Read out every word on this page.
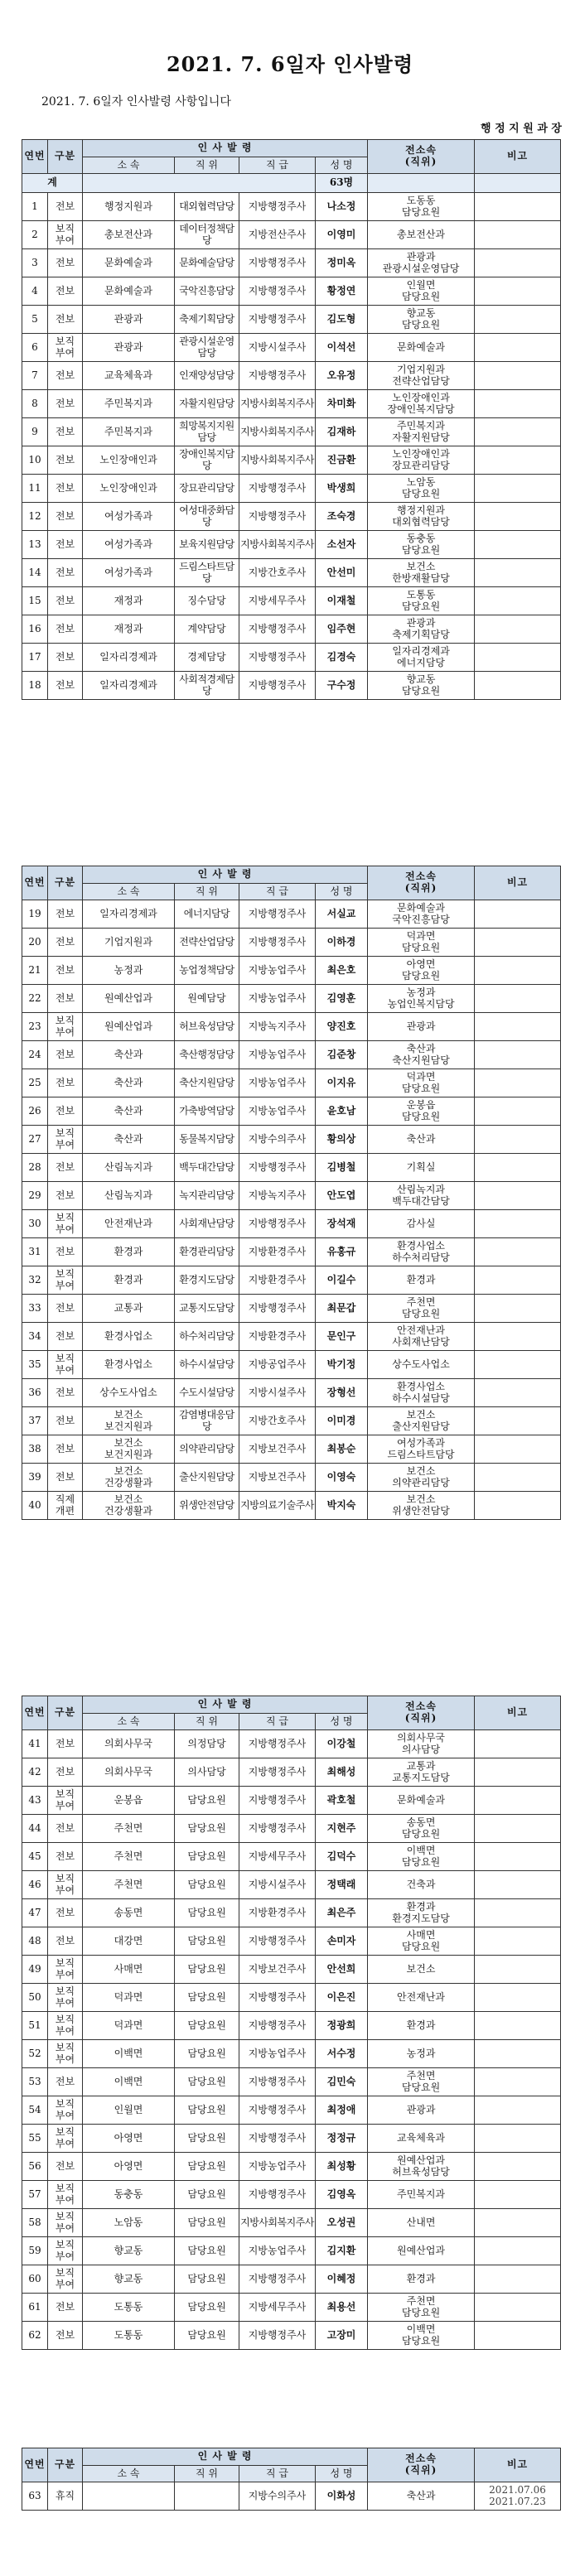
2021. 7. 6일자 인사발령
2021. 7. 6일자 인사발령 사항입니다
행 정 지 원 과 장
연번	구분	인 사 발 령				전소속
(직위)	비고
		소 속	직 위	직 급	성 명		
계					63명		
1	전보	행정지원과	대외협력담당	지방행정주사	나소정	도동동
담당요원	
2	보직
부여	총보전산과	데이터정책담당	지방전산주사	이영미	총보전산과	
3	전보	문화예술과	문화예술담당	지방행정주사	정미옥	관광과
관광시설운영담당	
4	전보	문화예술과	국악진흥담당	지방행정주사	황정연	인월면
담당요원	
5	전보	관광과	축제기획담당	지방행정주사	김도형	향교동
담당요원	
6	보직
부여	관광과	관광시설운영담당	지방시설주사	이석선	문화예술과	
7	전보	교육체육과	인재양성담당	지방행정주사	오유정	기업지원과
전략산업담당	
8	전보	주민복지과	자활지원담당	지방사회복지주사	차미화	노인장애인과
장애인복지담당	
9	전보	주민복지과	희망복지지원담당	지방사회복지주사	김재하	주민복지과
자활지원담당	
10	전보	노인장애인과	장애인복지담당	지방사회복지주사	진금환	노인장애인과
장묘관리담당	
11	전보	노인장애인과	장묘관리담당	지방행정주사	박생희	노암동
담당요원	
12	전보	여성가족과	여성대중화담당	지방행정주사	조숙경	행정지원과
대외협력담당	
13	전보	여성가족과	보육지원담당	지방사회복지주사	소선자	동충동
담당요원	
14	전보	여성가족과	드림스타트담당	지방간호주사	안선미	보건소
한방재활담당	
15	전보	재정과	징수담당	지방세무주사	이재철	도통동
담당요원	
16	전보	재정과	계약담당	지방행정주사	임주현	관광과
축제기획담당	
17	전보	일자리경제과	경제담당	지방행정주사	김경숙	일자리경제과
에너지담당	
18	전보	일자리경제과	사회적경제담당	지방행정주사	구수정	향교동
담당요원	
연번	구분	인 사 발 령				전소속
(직위)	비고
		소 속	직 위	직 급	성 명		
19	전보	일자리경제과	에너지담당	지방행정주사	서실교	문화예술과
국악진흥담당	
20	전보	기업지원과	전략산업담당	지방행정주사	이하경	덕과면
담당요원	
21	전보	농정과	농업정책담당	지방농업주사	최은호	아영면
담당요원	
22	전보	원예산업과	원예담당	지방농업주사	김영훈	농정과
농업인복지담당	
23	보직
부여	원예산업과	허브육성담당	지방녹지주사	양진호	관광과	
24	전보	축산과	축산행정담당	지방농업주사	김준창	축산과
축산지원담당	
25	전보	축산과	축산지원담당	지방농업주사	이지유	덕과면
담당요원	
26	전보	축산과	가축방역담당	지방농업주사	윤호남	운봉읍
담당요원	
27	보직
부여	축산과	동물복지담당	지방수의주사	황의상	축산과	
28	전보	산림녹지과	백두대간담당	지방행정주사	김병철	기획실	
29	전보	산림녹지과	녹지관리담당	지방녹지주사	안도엽	산림녹지과
백두대간담당	
30	보직
부여	안전재난과	사회재난담당	지방행정주사	장석재	감사실	
31	전보	환경과	환경관리담당	지방환경주사	유홍규	환경사업소
하수처리담당	
32	보직
부여	환경과	환경지도담당	지방환경주사	이길수	환경과	
33	전보	교통과	교통지도담당	지방행정주사	최문갑	주천면
담당요원	
34	전보	환경사업소	하수처리담당	지방환경주사	문인구	안전재난과
사회재난담당	
35	보직
부여	환경사업소	하수시설담당	지방공업주사	박기정	상수도사업소	
36	전보	상수도사업소	수도시설담당	지방시설주사	장형선	환경사업소
하수시설담당	
37	전보	보건소
보건지원과	감염병대응담당	지방간호주사	이미경	보건소
출산지원담당	
38	전보	보건소
보건지원과	의약관리담당	지방보건주사	최봉순	여성가족과
드림스타트담당	
39	전보	보건소
건강생활과	출산지원담당	지방보건주사	이영숙	보건소
의약관리담당	
40	직제
개편	보건소
건강생활과	위생안전담당	지방의료기술주사	박지숙	보건소
위생안전담당	
연번	구분	인 사 발 령				전소속
(직위)	비고
		소 속	직 위	직 급	성 명		
41	전보	의회사무국	의정담당	지방행정주사	이강철	의회사무국
의사담당	
42	전보	의회사무국	의사담당	지방행정주사	최해성	교통과
교통지도담당	
43	보직
부여	운봉읍	담당요원	지방행정주사	곽호철	문화예술과	
44	전보	주천면	담당요원	지방행정주사	지현주	송동면
담당요원	
45	전보	주천면	담당요원	지방세무주사	김덕수	이백면
담당요원	
46	보직
부여	주천면	담당요원	지방시설주사	정택래	건축과	
47	전보	송동면	담당요원	지방환경주사	최은주	환경과
환경지도담당	
48	전보	대강면	담당요원	지방행정주사	손미자	사매면
담당요원	
49	보직
부여	사매면	담당요원	지방보건주사	안선희	보건소	
50	보직
부여	덕과면	담당요원	지방행정주사	이은진	안전재난과	
51	보직
부여	덕과면	담당요원	지방행정주사	정광희	환경과	
52	보직
부여	이백면	담당요원	지방농업주사	서수정	농정과	
53	전보	이백면	담당요원	지방행정주사	김민숙	주천면
담당요원	
54	보직
부여	인월면	담당요원	지방행정주사	최정애	관광과	
55	보직
부여	아영면	담당요원	지방행정주사	정정규	교육체육과	
56	전보	아영면	담당요원	지방농업주사	최성황	원예산업과
허브육성담당	
57	보직
부여	동충동	담당요원	지방행정주사	김영옥	주민복지과	
58	보직
부여	노암동	담당요원	지방사회복지주사	오성권	산내면	
59	보직
부여	향교동	담당요원	지방농업주사	김지환	원예산업과	
60	보직
부여	향교동	담당요원	지방행정주사	이혜정	환경과	
61	전보	도통동	담당요원	지방세무주사	최용선	주천면
담당요원	
62	전보	도통동	담당요원	지방행정주사	고장미	이백면
담당요원	
연번	구분	인 사 발 령				전소속
(직위)	비고
		소 속	직 위	직 급	성 명		
63	휴직			지방수의주사	이화성	축산과	2021.07.06
2021.07.23
